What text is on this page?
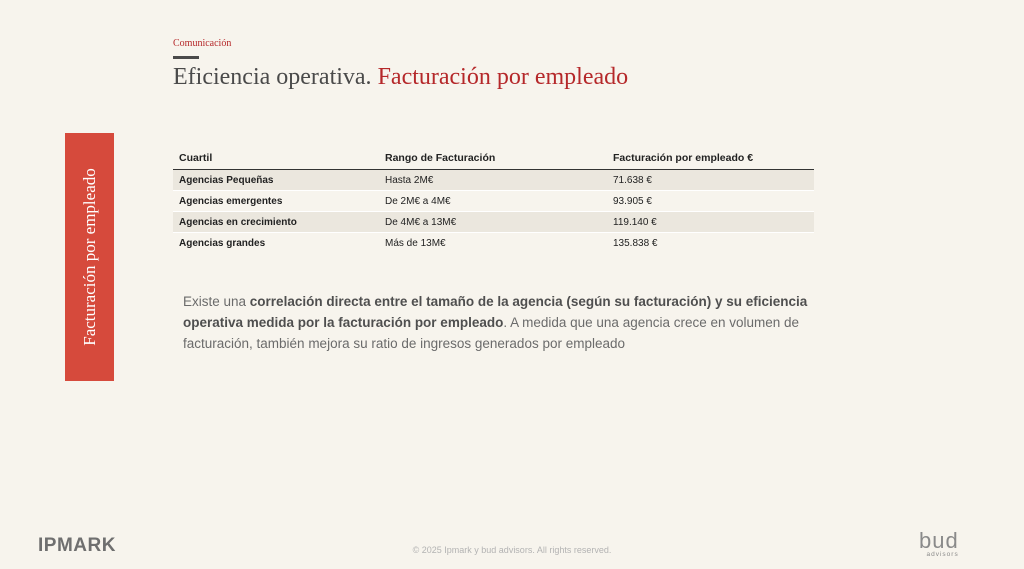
Comunicación
Eficiencia operativa. Facturación por empleado
Facturación por empleado
Cuartil	Rango de Facturación	Facturación por empleado €
Agencias Pequeñas	Hasta 2M€	71.638 €
Agencias emergentes	De 2M€ a 4M€	93.905 €
Agencias en crecimiento	De 4M€ a 13M€	119.140 €
Agencias grandes	Más de 13M€	135.838 €

Existe una correlación directa entre el tamaño de la agencia (según su facturación) y su eficiencia operativa medida por la facturación por empleado. A medida que una agencia crece en volumen de facturación, también mejora su ratio de ingresos generados por empleado

IPMARK	© 2025 Ipmark y bud advisors. All rights reserved.	bud
advisors
